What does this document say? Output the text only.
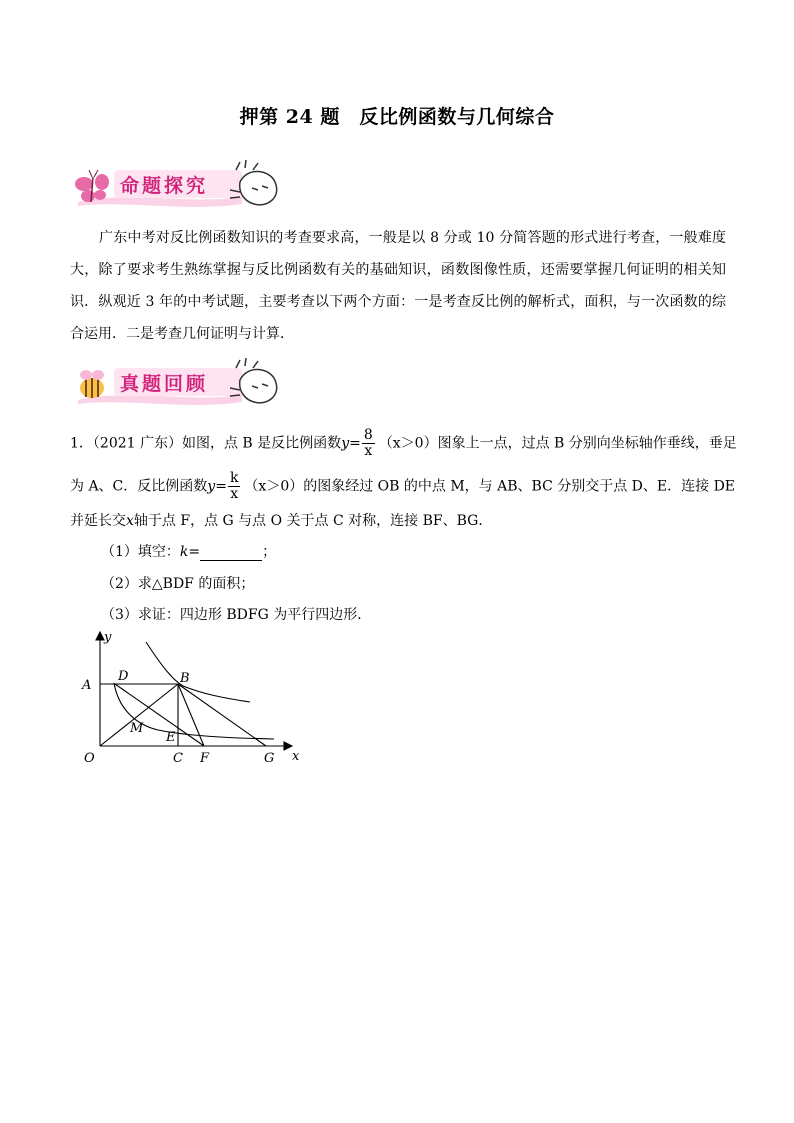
押第 24 题　反比例函数与几何综合
命题探究

广东中考对反比例函数知识的考查要求高，一般是以 8 分或 10 分简答题的形式进行考查，一般难度大，除了要求考生熟练掌握与反比例函数有关的基础知识，函数图像性质，还需要掌握几何证明的相关知识．纵观近 3 年的中考试题，主要考查以下两个方面：一是考查反比例的解析式，面积，与一次函数的综合运用．二是考查几何证明与计算．

真题回顾
1．（2021 广东）如图，点 B 是反比例函数$y= \frac{8}{x} (x>0)$图象上一点，过点 B 分别向坐标轴作垂线，垂足
为 A、C．反比例函数$y= \frac{k}{x} (x>0)$的图象经过 OB 的中点 M，与 AB、BC 分别交于点 D、E．连接 DE
并延长交x轴于点 F，点 G 与点 O 关于点 C 对称，连接 BF、BG．
（1）填空：k=	；
（2）求△BDF 的面积；
（3）求证：四边形 BDFG 为平行四边形．
y
x
O
A	B
C
D
E
F	G
M
